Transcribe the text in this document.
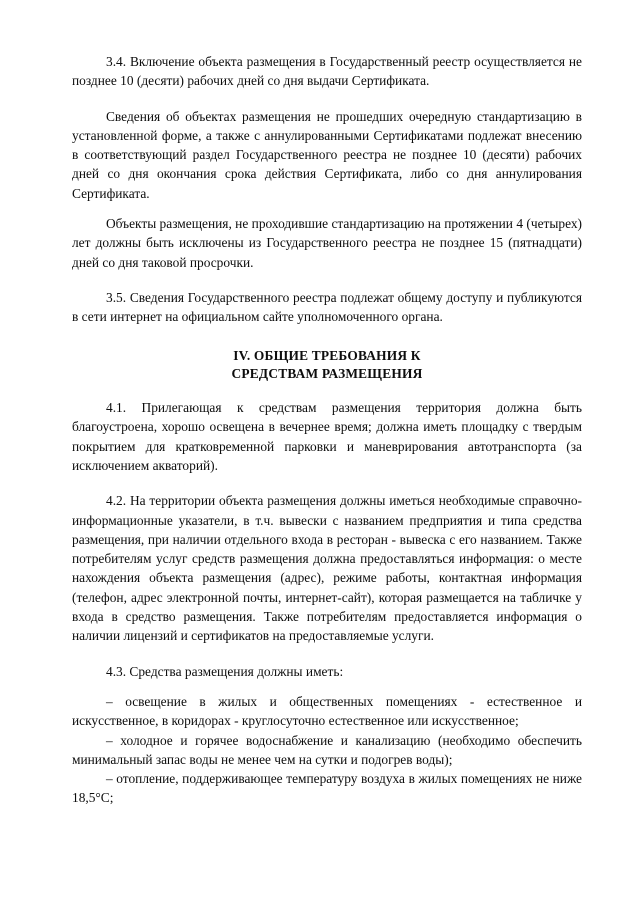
3.4. Включение объекта размещения в Государственный реестр осуществляется не позднее 10 (десяти) рабочих дней со дня выдачи Сертификата.

Сведения об объектах размещения не прошедших очередную стандартизацию в установленной форме, а также с аннулированными Сертификатами подлежат внесению в соответствующий раздел Государственного реестра не позднее 10 (десяти) рабочих дней со дня окончания срока действия Сертификата, либо со дня аннулирования Сертификата.

Объекты размещения, не проходившие стандартизацию на протяжении 4 (четырех) лет должны быть исключены из Государственного реестра не позднее 15 (пятнадцати) дней со дня таковой просрочки.

3.5. Сведения Государственного реестра подлежат общему доступу и публикуются в сети интернет на официальном сайте уполномоченного органа.

IV. ОБЩИЕ ТРЕБОВАНИЯ К
СРЕДСТВАМ РАЗМЕЩЕНИЯ

4.1. Прилегающая к средствам размещения территория должна быть благоустроена, хорошо освещена в вечернее время; должна иметь площадку с твердым покрытием для кратковременной парковки и маневрирования автотранспорта (за исключением акваторий).

4.2. На территории объекта размещения должны иметься необходимые справочно-информационные указатели, в т.ч. вывески с названием предприятия и типа средства размещения, при наличии отдельного входа в ресторан - вывеска с его названием. Также потребителям услуг средств размещения должна предоставляться информация: о месте нахождения объекта размещения (адрес), режиме работы, контактная информация (телефон, адрес электронной почты, интернет-сайт), которая размещается на табличке у входа в средство размещения. Также потребителям предоставляется информация о наличии лицензий и сертификатов на предоставляемые услуги.

4.3. Средства размещения должны иметь:

– освещение в жилых и общественных помещениях - естественное и искусственное, в коридорах - круглосуточно естественное или искусственное;

– холодное и горячее водоснабжение и канализацию (необходимо обеспечить минимальный запас воды не менее чем на сутки и подогрев воды);

– отопление, поддерживающее температуру воздуха в жилых помещениях не ниже 18,5°С;
